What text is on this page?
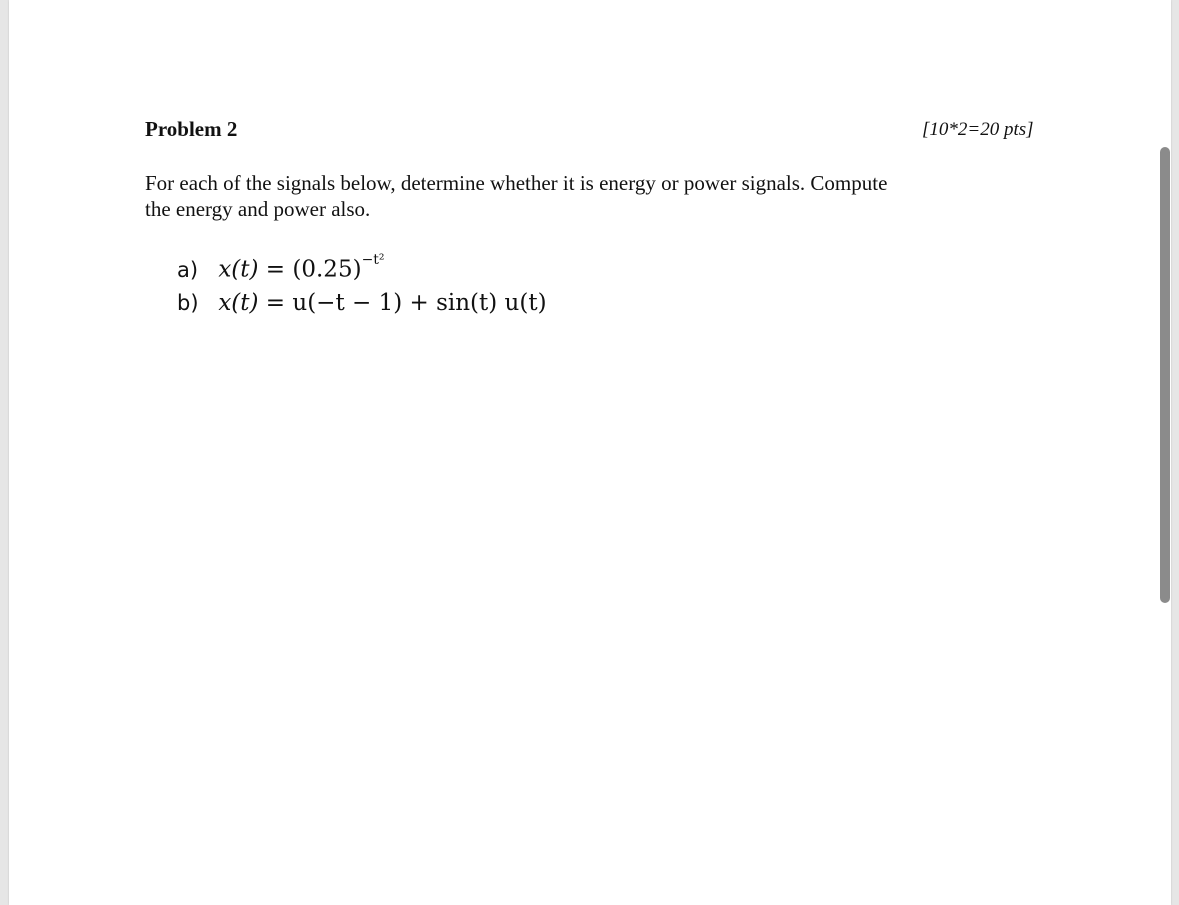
Problem 2	[10*2=20 pts]
For each of the signals below, determine whether it is energy or power signals. Compute
the energy and power also.
a) $x(t) = (0.25)^{-t^2}$
b) x(t) = u(−t − 1) + sin(t) u(t)
